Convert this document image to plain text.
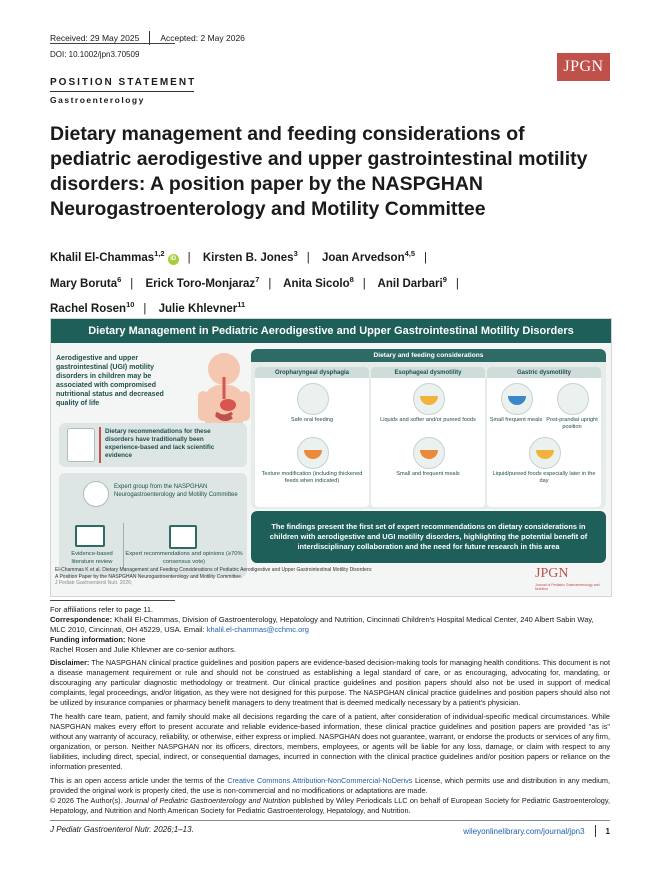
Received: 29 May 2025 Accepted: 2 May 2026
DOI: 10.1002/jpn3.70509
JPGN
POSITION STATEMENT
Gastroenterology
Dietary management and feeding considerations of pediatric aerodigestive and upper gastrointestinal motility disorders: A position paper by the NASPGHAN Neurogastroenterology and Motility Committee
Khalil El-Chammas$^{1,2}$iD | Kirsten B. Jones$^3$ | Joan Arvedson$^{4,5}$ |
Mary Boruta$^6$ | Erick Toro-Monjaraz$^7$ | Anita Sicolo$^8$ | Anil Darbari$^9$ |
Rachel Rosen$^{10}$ | Julie Khlevner$^{11}$
Dietary Management in Pediatric Aerodigestive and Upper Gastrointestinal Motility Disorders
Aerodigestive and upper gastrointestinal (UGI) motility disorders in children may be associated with compromised nutritional status and decreased quality of life
Dietary recommendations for these disorders have traditionally been experience-based and lack scientific evidence
Expert group from the NASPGHAN Neurogastroenterology and Motility Committee
Evidence-based literature review
Expert recommendations and opinions (≥70% consensus vote)
Dietary and feeding considerations
Oropharyngeal dysphagia
Safe oral feeding
Texture modification (including thickened feeds when indicated)
Esophageal dysmotility
Liquids and softer and/or pureed foods
Small and frequent meals
Gastric dysmotility
Small frequent meals Post-prandial upright position
Liquid/pureed foods especially later in the day
The findings present the first set of expert recommendations on dietary considerations in children with aerodigestive and UGI motility disorders, highlighting the potential benefit of interdisciplinary collaboration and the need for future research in this area
El-Chammas K et al. Dietary Management and Feeding Considerations of Pediatric Aerodigestive and Upper Gastrointestinal Motility Disorders:
A Position Paper by the NASPGHAN Neurogastroenterology and Motility Committee.
J Pediatr Gastroenterol Nutr. 2026;
JPGN
Journal of Pediatric Gastroenterology and Nutrition
For affiliations refer to page 11.
Correspondence: Khalil El-Chammas, Division of Gastroenterology, Hepatology and Nutrition, Cincinnati Children's Hospital Medical Center, 240 Albert Sabin Way, MLC 2010, Cincinnati, OH 45229, USA. Email: khalil.el-chammas@cchmc.org
Funding information: None
Rachel Rosen and Julie Khlevner are co-senior authors.

Disclaimer: The NASPGHAN clinical practice guidelines and position papers are evidence-based decision-making tools for managing health conditions. This document is not a disease management requirement or rule and should not be construed as establishing a legal standard of care, or as encouraging, advocating for, mandating, or discouraging any particular diagnostic methodology or treatment. Our clinical practice guidelines and position papers should also not be used in support of medical complaints, legal proceedings, and/or litigation, as they were not designed for this purpose. The NASPGHAN clinical practice guidelines and position papers should also not be utilized by insurance companies or pharmacy benefit managers to deny treatment that is deemed medically necessary by a patient's physician.

The health care team, patient, and family should make all decisions regarding the care of a patient, after consideration of individual-specific medical circumstances. While NASPGHAN makes every effort to present accurate and reliable evidence-based information, these clinical practice guidelines and position papers are provided "as is" without any warranty of accuracy, reliability, or otherwise, either express or implied. NASPGHAN does not guarantee, warrant, or endorse the products or services of any firm, organization, or person. Neither NASPGHAN nor its officers, directors, members, employees, or agents will be liable for any loss, damage, or claim with respect to any liabilities, including direct, special, indirect, or consequential damages, incurred in connection with the clinical practice guidelines and/or position papers or reliance on the information presented.

This is an open access article under the terms of the Creative Commons Attribution-NonCommercial-NoDerivs License, which permits use and distribution in any medium, provided the original work is properly cited, the use is non-commercial and no modifications or adaptations are made.
© 2026 The Author(s). Journal of Pediatric Gastroenterology and Nutrition published by Wiley Periodicals LLC on behalf of European Society for Pediatric Gastroenterology, Hepatology, and Nutrition and North American Society for Pediatric Gastroenterology, Hepatology, and Nutrition.
J Pediatr Gastroenterol Nutr. 2026;1–13.	wileyonlinelibrary.com/journal/jpn3	1
